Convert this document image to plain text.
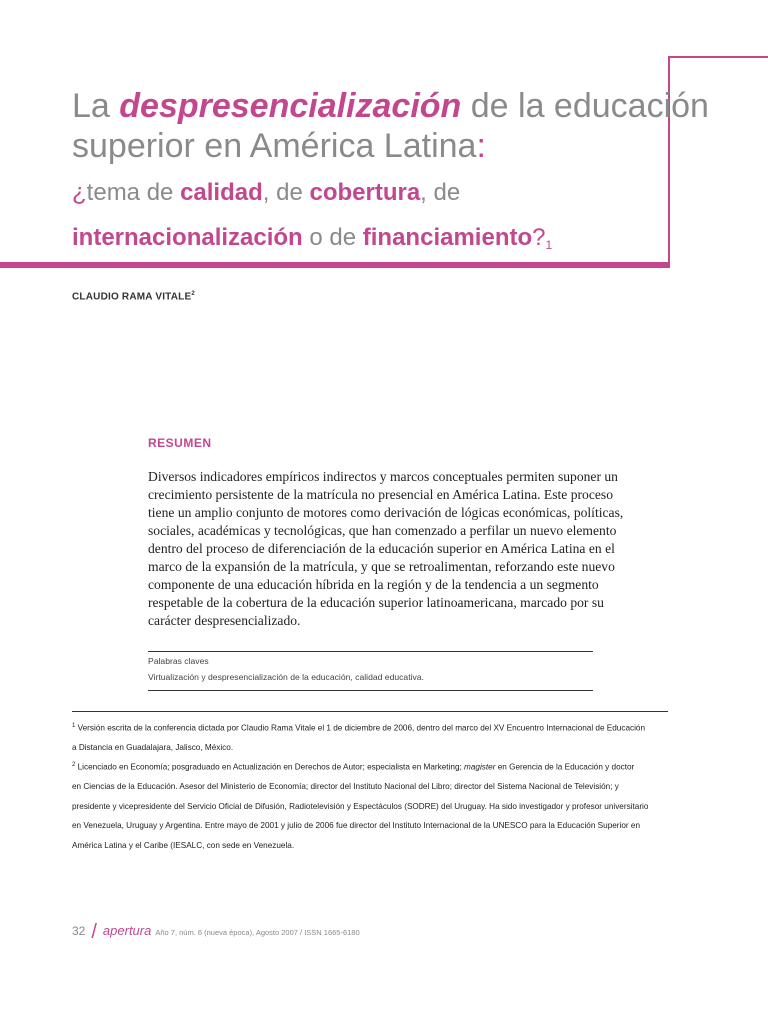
La despresencialización de la educación
superior en América Latina:
¿tema de calidad, de cobertura, de
internacionalización o de financiamiento?$^1$
CLAUDIO RAMA VITALE$^2$
RESUMEN
Diversos indicadores empíricos indirectos y marcos conceptuales permiten suponer un
crecimiento persistente de la matrícula no presencial en América Latina. Este proceso
tiene un amplio conjunto de motores como derivación de lógicas económicas, políticas,
sociales, académicas y tecnológicas, que han comenzado a perfilar un nuevo elemento
dentro del proceso de diferenciación de la educación superior en América Latina en el
marco de la expansión de la matrícula, y que se retroalimentan, reforzando este nuevo
componente de una educación híbrida en la región y de la tendencia a un segmento
respetable de la cobertura de la educación superior latinoamericana, marcado por su
carácter despresencializado.
Palabras claves
Virtualización y despresencialización de la educación, calidad educativa.
$^1$ Versión escrita de la conferencia dictada por Claudio Rama Vitale el 1 de diciembre de 2006, dentro del marco del XV Encuentro Internacional de Educación
a Distancia en Guadalajara, Jalisco, México.
$^2$ Licenciado en Economía; posgraduado en Actualización en Derechos de Autor; especialista en Marketing; magister en Gerencia de la Educación y doctor
en Ciencias de la Educación. Asesor del Ministerio de Economía; director del Instituto Nacional del Libro; director del Sistema Nacional de Televisión; y
presidente y vicepresidente del Servicio Oficial de Difusión, Radiotelevisión y Espectáculos (SODRE) del Uruguay. Ha sido investigador y profesor universitario
en Venezuela, Uruguay y Argentina. Entre mayo de 2001 y julio de 2006 fue director del Instituto Internacional de la UNESCO para la Educación Superior en
América Latina y el Caribe (IESALC, con sede en Venezuela.
32 / apertura Año 7, núm. 6 (nueva época), Agosto 2007 / ISSN 1665-6180
